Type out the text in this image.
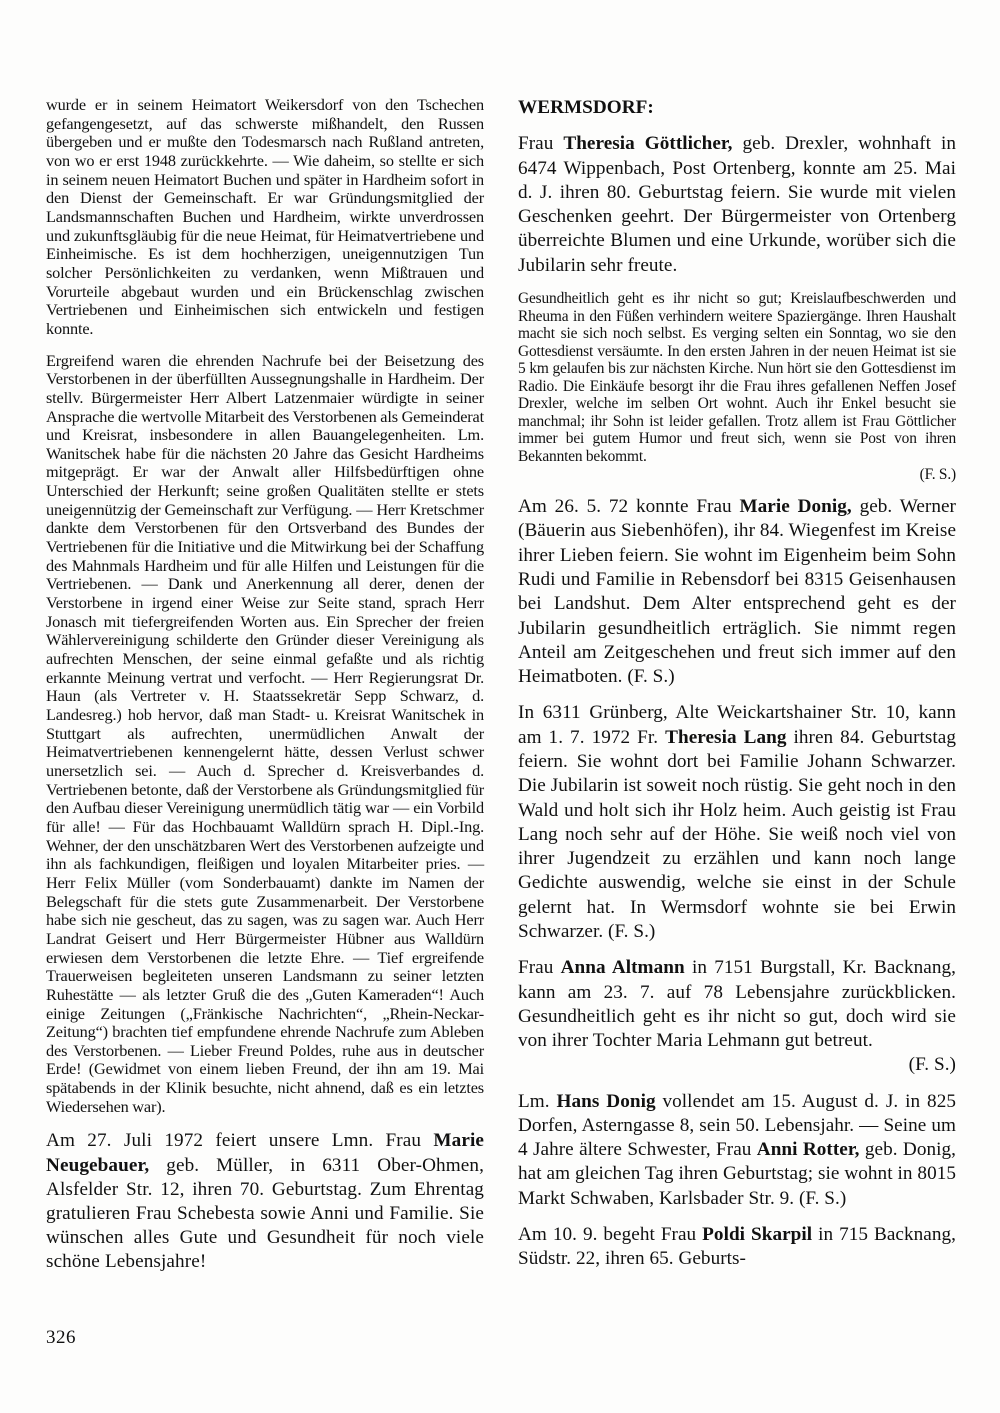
wurde er in seinem Heimatort Weikersdorf von den Tschechen gefangengesetzt, auf das schwerste mißhandelt, den Russen übergeben und er mußte den Todesmarsch nach Rußland antreten, von wo er erst 1948 zurückkehrte. — Wie daheim, so stellte er sich in seinem neuen Heimatort Buchen und später in Hardheim sofort in den Dienst der Gemeinschaft. Er war Gründungsmitglied der Landsmannschaften Buchen und Hardheim, wirkte unverdrossen und zukunftsgläubig für die neue Heimat, für Heimatvertriebene und Einheimische. Es ist dem hochherzigen, uneigennutzigen Tun solcher Persönlichkeiten zu verdanken, wenn Mißtrauen und Vorurteile abgebaut wurden und ein Brückenschlag zwischen Vertriebenen und Einheimischen sich entwickeln und festigen konnte.

Ergreifend waren die ehrenden Nachrufe bei der Beisetzung des Verstorbenen in der überfüllten Aussegnungshalle in Hardheim. Der stellv. Bürgermeister Herr Albert Latzenmaier würdigte in seiner Ansprache die wertvolle Mitarbeit des Verstorbenen als Gemeinderat und Kreisrat, insbesondere in allen Bauangelegenheiten. Lm. Wanitschek habe für die nächsten 20 Jahre das Gesicht Hardheims mitgeprägt. Er war der Anwalt aller Hilfsbedürftigen ohne Unterschied der Herkunft; seine großen Qualitäten stellte er stets uneigennützig der Gemeinschaft zur Verfügung. — Herr Kretschmer dankte dem Verstorbenen für den Ortsverband des Bundes der Vertriebenen für die Initiative und die Mitwirkung bei der Schaffung des Mahnmals Hardheim und für alle Hilfen und Leistungen für die Vertriebenen. — Dank und Anerkennung all derer, denen der Verstorbene in irgend einer Weise zur Seite stand, sprach Herr Jonasch mit tiefergreifenden Worten aus. Ein Sprecher der freien Wählervereinigung schilderte den Gründer dieser Vereinigung als aufrechten Menschen, der seine einmal gefaßte und als richtig erkannte Meinung vertrat und verfocht. — Herr Regierungsrat Dr. Haun (als Vertreter v. H. Staatssekretär Sepp Schwarz, d. Landesreg.) hob hervor, daß man Stadt- u. Kreisrat Wanitschek in Stuttgart als aufrechten, unermüdlichen Anwalt der Heimatvertriebenen kennengelernt hätte, dessen Verlust schwer unersetzlich sei. — Auch d. Sprecher d. Kreisverbandes d. Vertriebenen betonte, daß der Verstorbene als Gründungsmitglied für den Aufbau dieser Vereinigung unermüdlich tätig war — ein Vorbild für alle! — Für das Hochbauamt Walldürn sprach H. Dipl.-Ing. Wehner, der den unschätzbaren Wert des Verstorbenen aufzeigte und ihn als fachkundigen, fleißigen und loyalen Mitarbeiter pries. — Herr Felix Müller (vom Sonderbauamt) dankte im Namen der Belegschaft für die stets gute Zusammenarbeit. Der Verstorbene habe sich nie gescheut, das zu sagen, was zu sagen war. Auch Herr Landrat Geisert und Herr Bürgermeister Hübner aus Walldürn erwiesen dem Verstorbenen die letzte Ehre. — Tief ergreifende Trauerweisen begleiteten unseren Landsmann zu seiner letzten Ruhestätte — als letzter Gruß die des „Guten Kameraden“! Auch einige Zeitungen („Fränkische Nachrichten“, „Rhein-Neckar-Zeitung“) brachten tief empfundene ehrende Nachrufe zum Ableben des Verstorbenen. — Lieber Freund Poldes, ruhe aus in deutscher Erde! (Gewidmet von einem lieben Freund, der ihn am 19. Mai spätabends in der Klinik besuchte, nicht ahnend, daß es ein letztes Wiedersehen war).

Am 27. Juli 1972 feiert unsere Lmn. Frau Marie Neugebauer, geb. Müller, in 6311 Ober-Ohmen, Alsfelder Str. 12, ihren 70. Geburtstag. Zum Ehrentag gratulieren Frau Schebesta sowie Anni und Familie. Sie wünschen alles Gute und Gesundheit für noch viele schöne Lebensjahre!

WERMSDORF:

Frau Theresia Göttlicher, geb. Drexler, wohnhaft in 6474 Wippenbach, Post Ortenberg, konnte am 25. Mai d. J. ihren 80. Geburtstag feiern. Sie wurde mit vielen Geschenken geehrt. Der Bürgermeister von Ortenberg überreichte Blumen und eine Urkunde, worüber sich die Jubilarin sehr freute.

Gesundheitlich geht es ihr nicht so gut; Kreislaufbeschwerden und Rheuma in den Füßen verhindern weitere Spaziergänge. Ihren Haushalt macht sie sich noch selbst. Es verging selten ein Sonntag, wo sie den Gottesdienst versäumte. In den ersten Jahren in der neuen Heimat ist sie 5 km gelaufen bis zur nächsten Kirche. Nun hört sie den Gottesdienst im Radio. Die Einkäufe besorgt ihr die Frau ihres gefallenen Neffen Josef Drexler, welche im selben Ort wohnt. Auch ihr Enkel besucht sie manchmal; ihr Sohn ist leider gefallen. Trotz allem ist Frau Göttlicher immer bei gutem Humor und freut sich, wenn sie Post von ihren Bekannten bekommt.
(F. S.)

Am 26. 5. 72 konnte Frau Marie Donig, geb. Werner (Bäuerin aus Siebenhöfen), ihr 84. Wiegenfest im Kreise ihrer Lieben feiern. Sie wohnt im Eigenheim beim Sohn Rudi und Familie in Rebensdorf bei 8315 Geisenhausen bei Landshut. Dem Alter entsprechend geht es der Jubilarin gesundheitlich erträglich. Sie nimmt regen Anteil am Zeitgeschehen und freut sich immer auf den Heimatboten. (F. S.)

In 6311 Grünberg, Alte Weickartshainer Str. 10, kann am 1. 7. 1972 Fr. Theresia Lang ihren 84. Geburtstag feiern. Sie wohnt dort bei Familie Johann Schwarzer. Die Jubilarin ist soweit noch rüstig. Sie geht noch in den Wald und holt sich ihr Holz heim. Auch geistig ist Frau Lang noch sehr auf der Höhe. Sie weiß noch viel von ihrer Jugendzeit zu erzählen und kann noch lange Gedichte auswendig, welche sie einst in der Schule gelernt hat. In Wermsdorf wohnte sie bei Erwin Schwarzer. (F. S.)

Frau Anna Altmann in 7151 Burgstall, Kr. Backnang, kann am 23. 7. auf 78 Lebensjahre zurückblicken. Gesundheitlich geht es ihr nicht so gut, doch wird sie von ihrer Tochter Maria Lehmann gut betreut.
(F. S.)

Lm. Hans Donig vollendet am 15. August d. J. in 825 Dorfen, Asterngasse 8, sein 50. Lebensjahr. — Seine um 4 Jahre ältere Schwester, Frau Anni Rotter, geb. Donig, hat am gleichen Tag ihren Geburtstag; sie wohnt in 8015 Markt Schwaben, Karlsbader Str. 9. (F. S.)

Am 10. 9. begeht Frau Poldi Skarpil in 715 Backnang, Südstr. 22, ihren 65. Geburts-

326
